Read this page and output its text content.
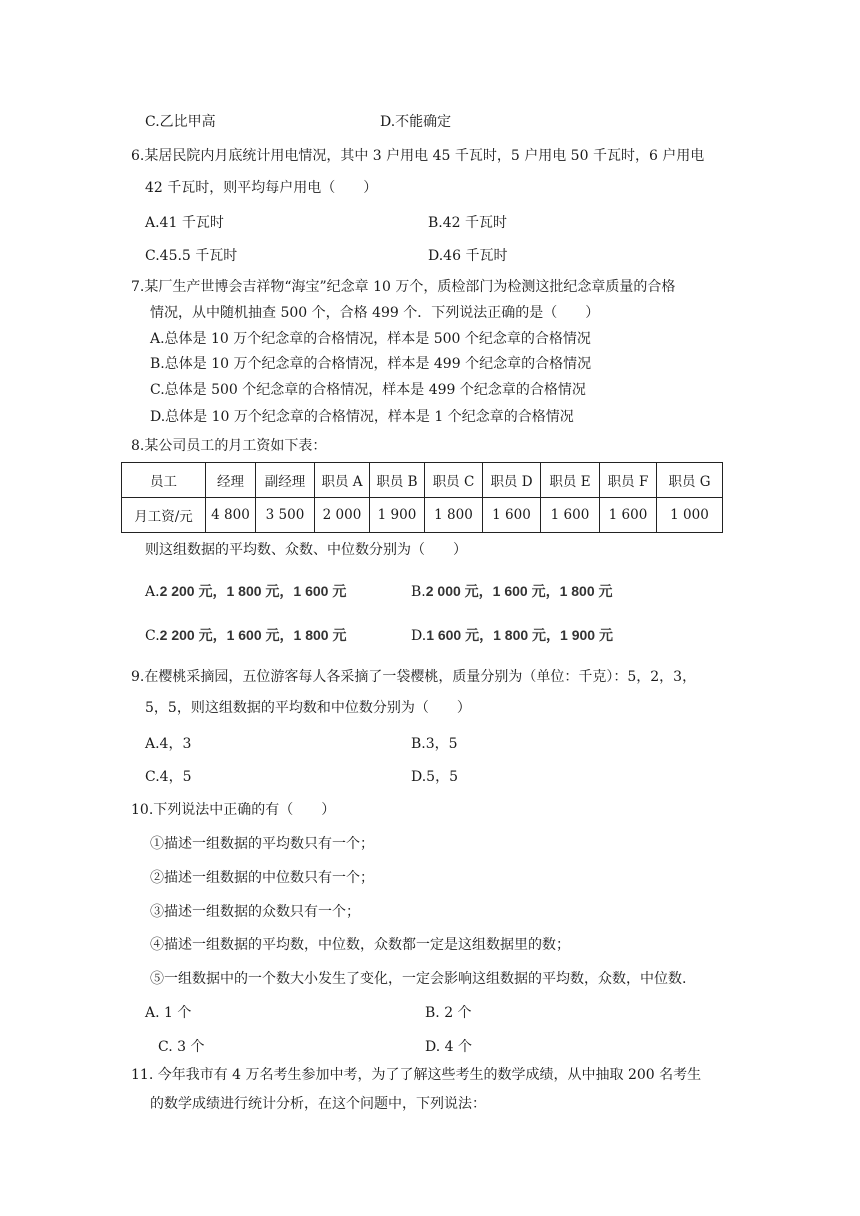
C.乙比甲高	D.不能确定
6.某居民院内月底统计用电情况，其中 3 户用电 45 千瓦时，5 户用电 50 千瓦时，6 户用电
42 千瓦时，则平均每户用电（　　）
A.41 千瓦时	B.42 千瓦时
C.45.5 千瓦时	D.46 千瓦时
7.某厂生产世博会吉祥物“海宝”纪念章 10 万个，质检部门为检测这批纪念章质量的合格
情况，从中随机抽查 500 个，合格 499 个．下列说法正确的是（　　）
A.总体是 10 万个纪念章的合格情况，样本是 500 个纪念章的合格情况
B.总体是 10 万个纪念章的合格情况，样本是 499 个纪念章的合格情况
C.总体是 500 个纪念章的合格情况，样本是 499 个纪念章的合格情况
D.总体是 10 万个纪念章的合格情况，样本是 1 个纪念章的合格情况
8.某公司员工的月工资如下表：
员工	经理	副经理	职员 A	职员 B	职员 C	职员 D	职员 E	职员 F	职员 G
月工资/元	4 800	3 500	2 000	1 900	1 800	1 600	1 600	1 600	1 000
则这组数据的平均数、众数、中位数分别为（　　）
A.2 200 元，1 800 元，1 600 元	B.2 000 元，1 600 元，1 800 元
C.2 200 元，1 600 元，1 800 元	D.1 600 元，1 800 元，1 900 元
9.在樱桃采摘园，五位游客每人各采摘了一袋樱桃，质量分别为（单位：千克）：5，2，3，
5，5，则这组数据的平均数和中位数分别为（　　）
A.4，3	B.3，5
C.4，5	D.5，5
10.下列说法中正确的有（　　）
①描述一组数据的平均数只有一个；
②描述一组数据的中位数只有一个；
③描述一组数据的众数只有一个；
④描述一组数据的平均数，中位数，众数都一定是这组数据里的数；
⑤一组数据中的一个数大小发生了变化，一定会影响这组数据的平均数，众数，中位数.
A. 1 个	B. 2 个
C. 3 个	D. 4 个
11. 今年我市有 4 万名考生参加中考，为了了解这些考生的数学成绩，从中抽取 200 名考生
的数学成绩进行统计分析，在这个问题中，下列说法：
